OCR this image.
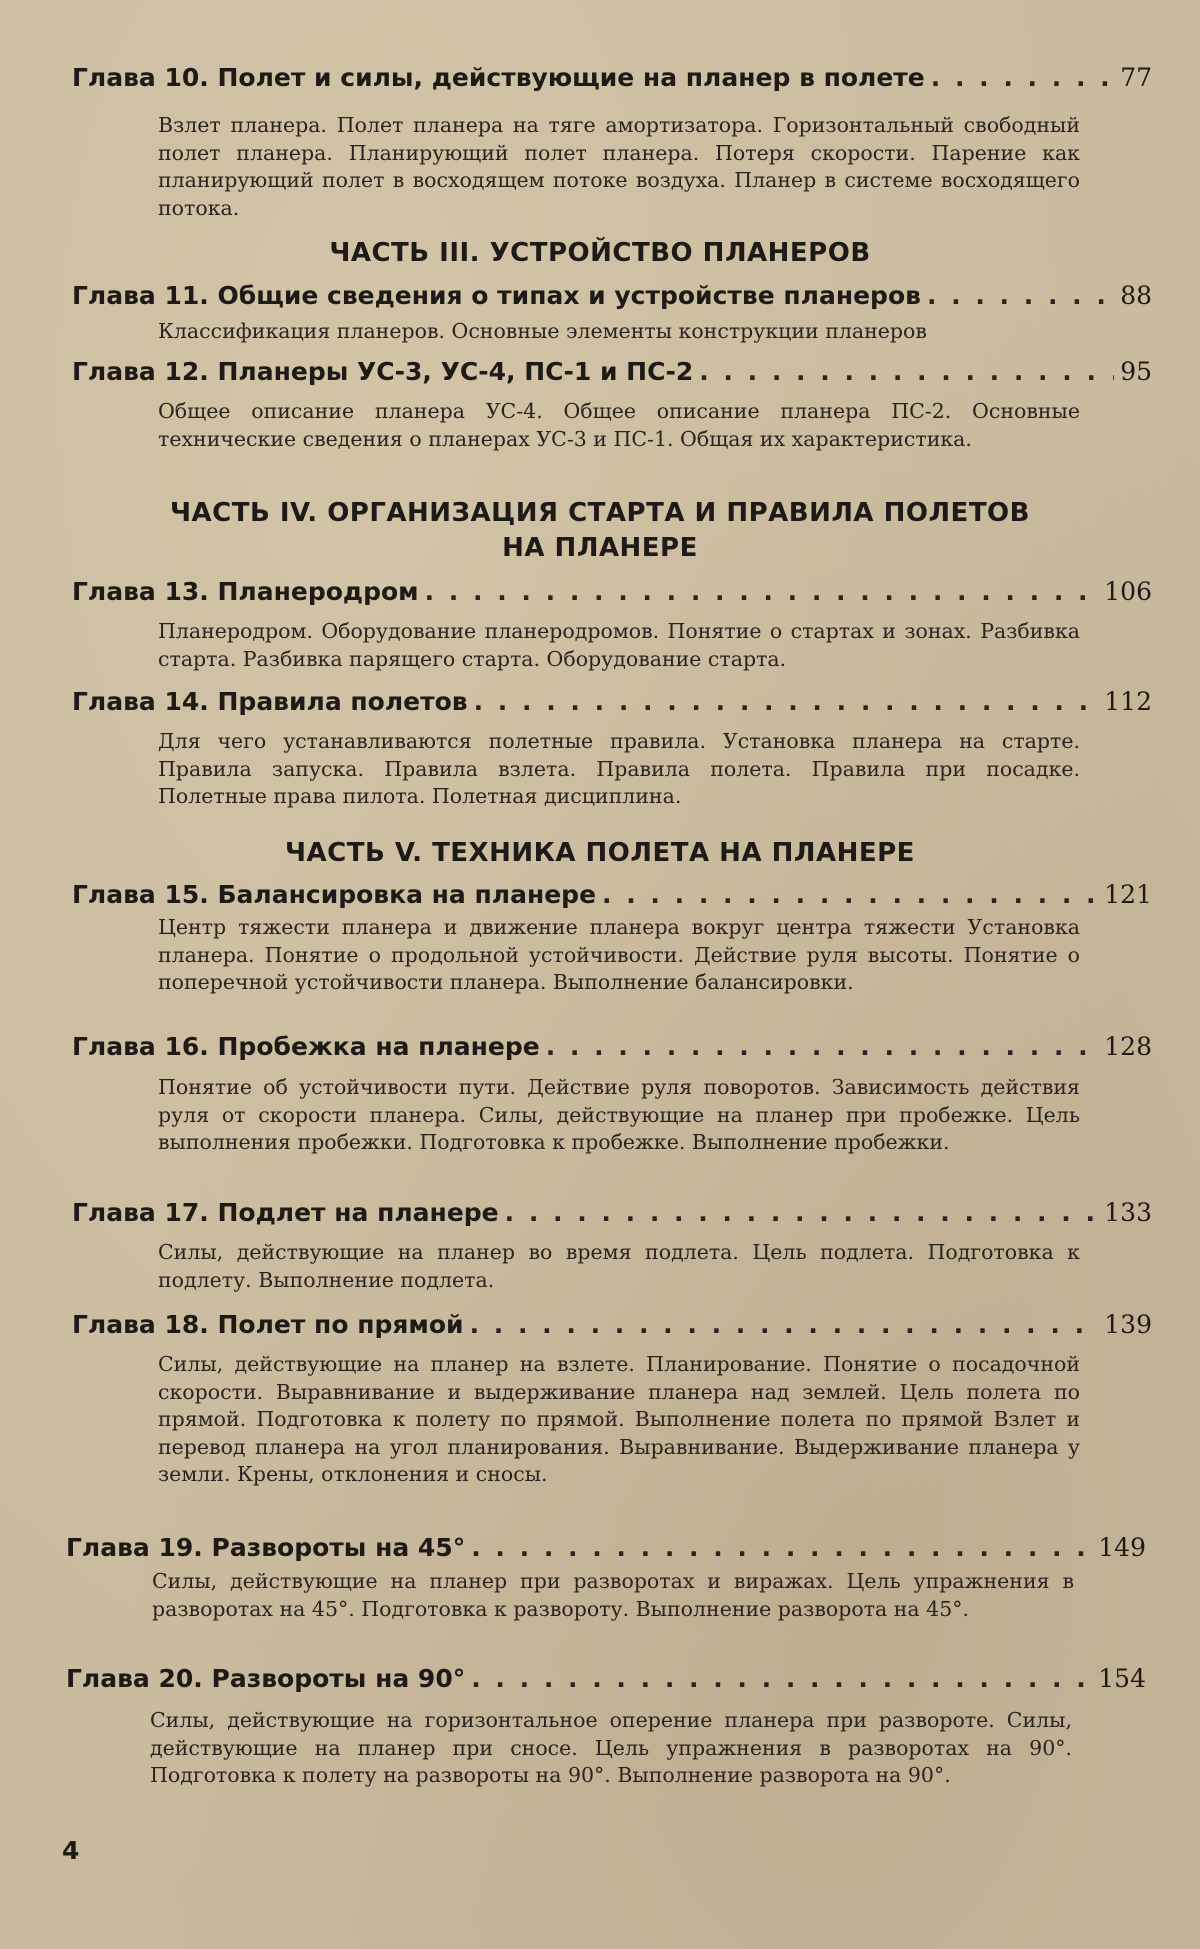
Глава 10. Полет и силы, действующие на планер в полете . . .	77
Взлет планера. Полет планера на тяге амортизатора. Горизонтальный свободный полет планера. Планирующий полет планера. Потеря скорости. Парение как планирующий полет в восходящем потоке воздуха. Планер в системе восходящего потока.
ЧАСТЬ III. УСТРОЙСТВО ПЛАНЕРОВ
Глава 11. Общие сведения о типах и устройстве планеров . . .	88
Классификация планеров. Основные элементы конструкции планеров
Глава 12. Планеры УС-3, УС-4, ПС-1 и ПС-2 . . .	95
Общее описание планера УС-4. Общее описание планера ПС-2. Основные технические сведения о планерах УС-3 и ПС-1. Общая их характеристика.
ЧАСТЬ IV. ОРГАНИЗАЦИЯ СТАРТА И ПРАВИЛА ПОЛЕТОВ НА ПЛАНЕРЕ
Глава 13. Планеродром . . .	106
Планеродром. Оборудование планеродромов. Понятие о стартах и зонах. Разбивка старта. Разбивка парящего старта. Оборудование старта.
Глава 14. Правила полетов . . .	112
Для чего устанавливаются полетные правила. Установка планера на старте. Правила запуска. Правила взлета. Правила полета. Правила при посадке. Полетные права пилота. Полетная дисциплина.
ЧАСТЬ V. ТЕХНИКА ПОЛЕТА НА ПЛАНЕРЕ
Глава 15. Балансировка на планере . . .	121
Центр тяжести планера и движение планера вокруг центра тяжести Установка планера. Понятие о продольной устойчивости. Действие руля высоты. Понятие о поперечной устойчивости планера. Выполнение балансировки.
Глава 16. Пробежка на планере . . .	128
Понятие об устойчивости пути. Действие руля поворотов. Зависимость действия руля от скорости планера. Силы, действующие на планер при пробежке. Цель выполнения пробежки. Подготовка к пробежке. Выполнение пробежки.
Глава 17. Подлет на планере . . .	133
Силы, действующие на планер во время подлета. Цель подлета. Подготовка к подлету. Выполнение подлета.
Глава 18. Полет по прямой . . .	139
Силы, действующие на планер на взлете. Планирование. Понятие о посадочной скорости. Выравнивание и выдерживание планера над землей. Цель полета по прямой. Подготовка к полету по прямой. Выполнение полета по прямой Взлет и перевод планера на угол планирования. Выравнивание. Выдерживание планера у земли. Крены, отклонения и сносы.
Глава 19. Развороты на 45° . . .	149
Силы, действующие на планер при разворотах и виражах. Цель упражнения в разворотах на 45°. Подготовка к развороту. Выполнение разворота на 45°.
Глава 20. Развороты на 90° . . .	154
Силы, действующие на горизонтальное оперение планера при развороте. Силы, действующие на планер при сносе. Цель упражнения в разворотах на 90°. Подготовка к полету на развороты на 90°. Выполнение разворота на 90°.
4
